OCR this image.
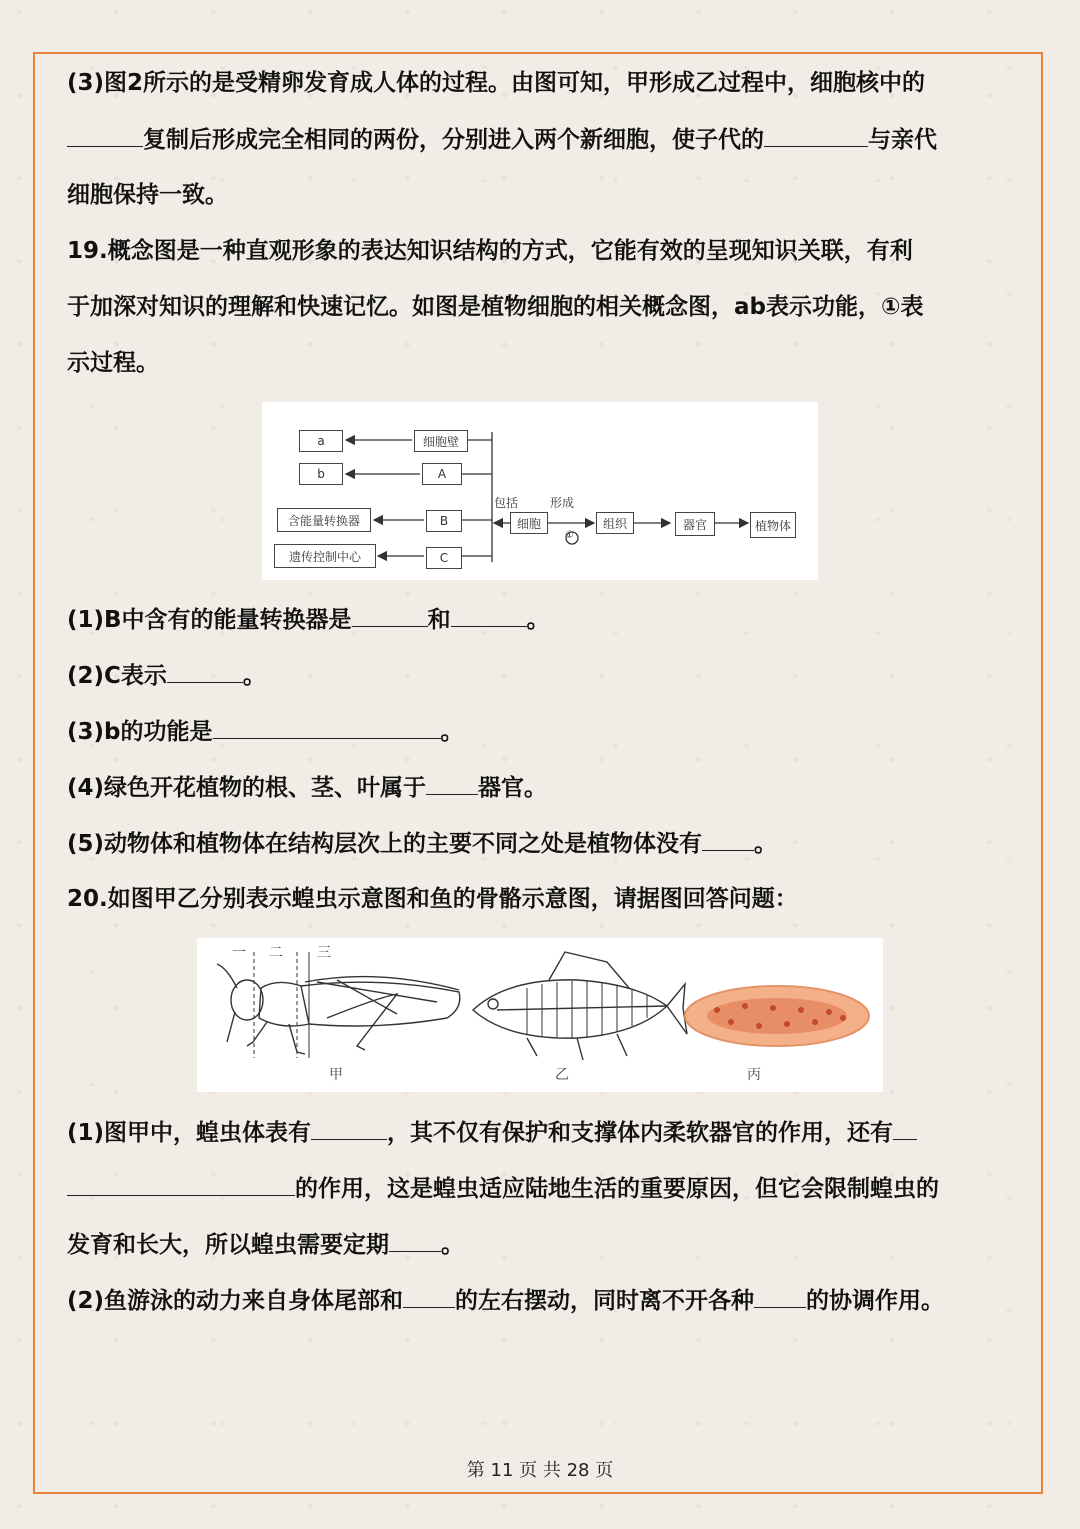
(3)图2所示的是受精卵发育成人体的过程。由图可知，甲形成乙过程中，细胞核中的
复制后形成完全相同的两份，分别进入两个新细胞，使子代的	与亲代
细胞保持一致。
19.概念图是一种直观形象的表达知识结构的方式，它能有效的呈现知识关联，有利
于加深对知识的理解和快速记忆。如图是植物细胞的相关概念图，ab表示功能，①表
示过程。
a
b
细胞壁
A
含能量转换器	B
遗传控制中心	C
包括	形成
细胞
①
组织	器官	植物体
(1)B中含有的能量转换器是	和	。
(2)C表示	。
(3)b的功能是	。
(4)绿色开花植物的根、茎、叶属于 器官。
(5)动物体和植物体在结构层次上的主要不同之处是植物体没有 。
20.如图甲乙分别表示蝗虫示意图和鱼的骨骼示意图，请据图回答问题：
一 二 三
甲	乙	丙
(1)图甲中，蝗虫体表有	，其不仅有保护和支撑体内柔软器官的作用，还有
的作用，这是蝗虫适应陆地生活的重要原因，但它会限制蝗虫的
发育和长大，所以蝗虫需要定期 。
(2)鱼游泳的动力来自身体尾部和 的左右摆动，同时离不开各种 的协调作用。
第 11 页 共 28 页
